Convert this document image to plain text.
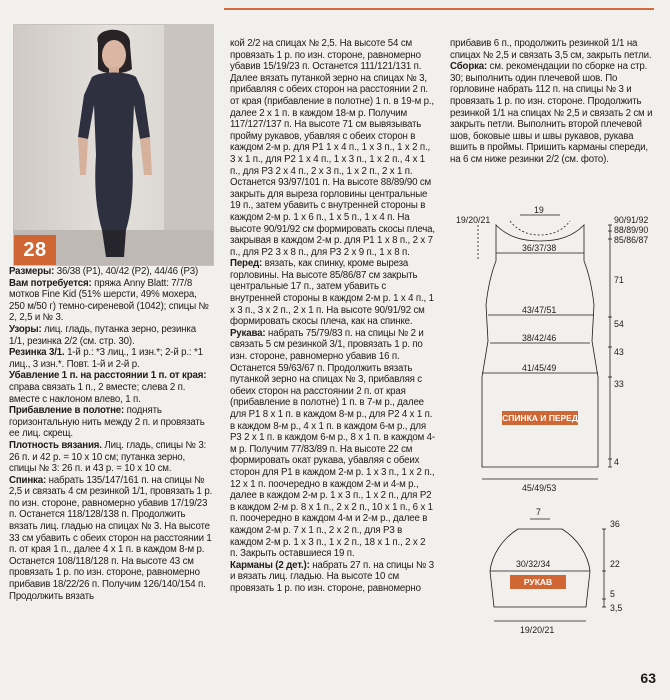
28

Размеры: 36/38 (Р1), 40/42 (Р2), 44/46 (Р3)

Вам потребуется: пряжа Anny Blatt: 7/7/8 мотков Fine Kid (51% шерсти, 49% мохера, 250 м/50 г) темно-сиреневой (1042); спицы № 2, 2,5 и № 3.

Узоры: лиц. гладь, путанка зерно, резинка 1/1, резинка 2/2 (см. стр. 30).

Резинка 3/1. 1-й р.: *3 лиц., 1 изн.*; 2-й р.: *1 лиц., 3 изн.*. Повт. 1-й и 2-й р.

Убавление 1 п. на расстоянии 1 п. от края: справа связать 1 п., 2 вместе; слева 2 п. вместе с наклоном влево, 1 п.

Прибавление в полотне: поднять горизонтальную нить между 2 п. и провязать ее лиц. скрещ.

Плотность вязания. Лиц. гладь, спицы № 3: 26 п. и 42 р. = 10 x 10 см; путанка зерно, спицы № 3: 26 п. и 43 р. = 10 x 10 см.

Спинка: набрать 135/147/161 п. на спицы № 2,5 и связать 4 см резинкой 1/1, провязать 1 р. по изн. стороне, равномерно убавив 17/19/23 п. Останется 118/128/138 п. Продолжить вязать лиц. гладью на спицах № 3. На высоте 33 см убавить с обеих сторон на расстоянии 1 п. от края 1 п., далее 4 x 1 п. в каждом 8-м р. Останется 108/118/128 п. На высоте 43 см провязать 1 р. по изн. стороне, равномерно прибавив 18/22/26 п. Получим 126/140/154 п. Продолжить вязать

кой 2/2 на спицах № 2,5. На высоте 54 см провязать 1 р. по изн. стороне, равномерно убавив 15/19/23 п. Останется 111/121/131 п. Далее вязать путанкой зерно на спицах № 3, прибавляя с обеих сторон на расстоянии 2 п. от края (прибавление в полотне) 1 п. в 19-м р., далее 2 x 1 п. в каждом 18-м р. Получим 117/127/137 п. На высоте 71 см вывязывать пройму рукавов, убавляя с обеих сторон в каждом 2-м р. для Р1 1 x 4 п., 1 x 3 п., 1 x 2 п., 3 x 1 п., для Р2 1 x 4 п., 1 x 3 п., 1 x 2 п., 4 x 1 п., для Р3 2 x 4 п., 2 x 3 п., 1 x 2 п., 2 x 1 п. Останется 93/97/101 п. На высоте 88/89/90 см закрыть для выреза горловины центральные 19 п., затем убавить с внутренней стороны в каждом 2-м р. 1 x 6 п., 1 x 5 п., 1 x 4 п. На высоте 90/91/92 см формировать скосы плеча, закрывая в каждом 2-м р. для Р1 1 x 8 п., 2 x 7 п., для Р2 3 x 8 п., для Р3 2 x 9 п., 1 x 8 п.

Перед: вязать, как спинку, кроме выреза горловины. На высоте 85/86/87 см закрыть центральные 17 п., затем убавить с внутренней стороны в каждом 2-м р. 1 x 4 п., 1 x 3 п., 3 x 2 п., 2 x 1 п. На высоте 90/91/92 см формировать скосы плеча, как на спинке.

Рукава: набрать 75/79/83 п. на спицы № 2 и связать 5 см резинкой 3/1, провязать 1 р. по изн. стороне, равномерно убавив 16 п. Останется 59/63/67 п. Продолжить вязать путанкой зерно на спицах № 3, прибавляя с обеих сторон на расстоянии 2 п. от края (прибавление в полотне) 1 п. в 7-м р., далее для Р1 8 x 1 п. в каждом 8-м р., для Р2 4 x 1 п. в каждом 8-м р., 4 x 1 п. в каждом 6-м р., для Р3 2 x 1 п. в каждом 6-м р., 8 x 1 п. в каждом 4-м р. Получим 77/83/89 п. На высоте 22 см формировать окат рукава, убавляя с обеих сторон для Р1 в каждом 2-м р. 1 x 3 п., 1 x 2 п., 12 x 1 п. поочередно в каждом 2-м и 4-м р., далее в каждом 2-м р. 1 x 3 п., 1 x 2 п., для Р2 в каждом 2-м р. 8 x 1 п., 2 x 2 п., 10 x 1 п., 6 x 1 п. поочередно в каждом 4-м и 2-м р., далее в каждом 2-м р. 7 x 1 п., 2 x 2 п., для Р3 в каждом 2-м р. 1 x 3 п., 1 x 2 п., 18 x 1 п., 2 x 2 п. Закрыть оставшиеся 19 п.

Карманы (2 дет.): набрать 27 п. на спицы № 3 и вязать лиц. гладью. На высоте 10 см провязать 1 р. по изн. стороне, равномерно

прибавив 6 п., продолжить резинкой 1/1 на спицах № 2,5 и связать 3,5 см, закрыть петли.

Сборка: см. рекомендации по сборке на стр. 30; выполнить один плечевой шов. По горловине набрать 112 п. на спицы № 3 и провязать 1 р. по изн. стороне. Продолжить резинкой 1/1 на спицах № 2,5 и связать 2 см и закрыть петли. Выполнить второй плечевой шов, боковые швы и швы рукавов, рукава вшить в проймы. Пришить карманы спереди, на 6 см ниже резинки 2/2 (см. фото).

19
19/20/21	90/91/92
88/89/90
85/86/87
36/37/38
71
43/47/51
54
38/42/46
43
41/45/49
33
СПИНКА И ПЕРЕД
4
45/49/53
7
36
30/32/34	22
РУКАВ
5
3,5
19/20/21
63
